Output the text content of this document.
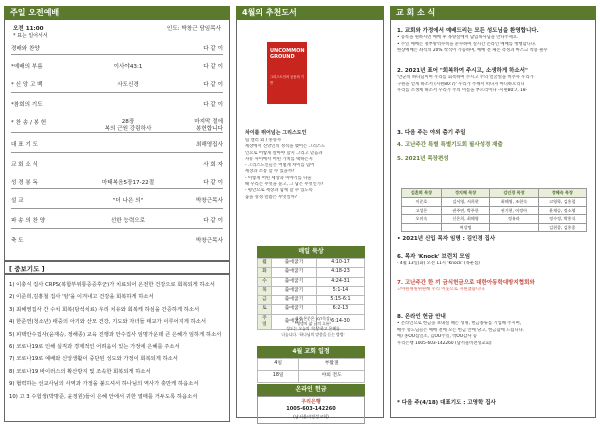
주일 오전예배
오전 11:00	인도: 박창근 담임목사
* 표는 일어서서
경배와 찬양	다 같 이
*예배의 부름	이사야43:1	다 같 이
* 신 앙 고 백	사도신경	다 같 이
*참회의 기도	다 같 이
* 찬 송 / 봉 헌	28장
복의 근원 강림하사
마지막 절에
봉헌합니다
대 표 기 도	최해영집사
교 회 소 식	사 회 자
성 경 봉 독	마태복음5장17-22절	다 같 이
설 교	"더 나은 의"	박창근목사
파 송 의 찬 양	선한 능력으로	다 같 이
축 도	박창근목사
[ 중보기도 ]
1) 이충식 집사 CRPS(복합부위통증증후군)가 치료되어 온전한 건강으로 회복되게 하소서
2) 이준희,김홍철 집사 '암'을 이겨내고 건강을 회복하게 하소서
3) 최해영집사 간 수치 회복(담석치료) 우리 치유와 회복케 하심을 간증하게 하소서
4) 한준연(청소년) 태중의 아기와 산모 건강, 기도와 자녀들 태교가 이루어지게 하소서
5) 피택안수집사(윤재승, 정해종) 교육 진행과 안수집사 임명가운데 큰 은혜가 임하게 하소서
6) 코로나19로 인해 실직과 경제적인 어려움이 있는 가정에 은혜를 주소서
7) 코로나19로 예배와 신앙생활이 중단된 성도와 가정이 회복되게 하소서
8) 코로나19 바이러스의 확산방지 및 조속한 회복되게 하소서
9) 협력하는 선교사님의 사역과 가정을 붙드셔서 하나님의 역사가 충만케 하옵소서
10) 고 3 수험생(박명준, 윤정원)들이 은혜 안에서 귀한 열매를 거두도록 하옵소서
4월의 추천도서
UNCOMMON GROUND
그리스도인의 공동의 기반
차이를 뛰어넘는 그리스도인
팀 켈러 외 / 홍성사
세상에서 신앙인의 정직을 맺어는 그리스도
인으로 어떻게 살아야 할지 그리고 믿음과
자유 사이에서 어떤 가치를 택하는지
- 그리스도인들은 어떻게 차이를 넘어
세상과 소통 할 수 있을까?
- 이렇게 어떤 세상과 이야기를 나눌
때 우리는 무엇을 묻고, 그 답은 무엇인가?
- 평안으로 세상과 함께 할 수 있도록
돕을 성경 말씀은 무엇일까?
매일 묵상
월	출애굽기	4:10-17
화	출애굽기	4:18-23
수	출애굽기	4:24-31
목	출애굽기	5:1-14
금	출애굽기	5:15-6:1
토	출애굽기	6:2-13
주일	출애굽기	6:14-30
성경 본문은 (QT묵상)
"생명의 삶 글의 흐름"
성도는 오늘의 '묵상'하고 은혜를
나눔니다. '하나님의 말씀을 듣는 방법'
4월 교회 일정
4일	부활절
18일	야외 전도
온라인 헌금
우리은행
1005-603-142260
(남서울비전성교회)
교 회 소 식
1. 교회와 가정에서 예배드리는 모든 성도님을 환영합니다.
• 등록을 원하시면 예배 후 목양실에서 담임목사님을 만나주세요.
• 주일 예배는 정부방역수칙을 준수하여 실시간 온라인 예배를 병행합니다.
현장예배는 좌석의 20% 착석이 가능하며, 예배 전 체온 측정과 마스크 착용 필수
2. 2021년 표어 "회복하여 주시고, 소생하게 하소서"
'만군의 하나님이여 우리를 회복하여 주시고 주의 얼굴빛을 비추사 우리가
구원을 얻게 하소서 (시편80:7)' 우리가 주께서 떠나지 아니하오리니
우리를 소생케 하소서 우리가 주의 이름을 부르리이다 -시편80:7, 18-
3. 다음 주는 야외 츰기 주일
4. 고난주간 특별 특별기도회 필사성경 재출
5. 2021년 목장편성
• 2021년 신입 목자 임명 : 김인경 집사
6. 목자 'Knock' 브런치 모임
- 4월 13일(화) 오전 11시 'Knock' (목운점)
7. 고난주간 한 끼 금식헌금으로 대한아동학대방지협회와
고아원위원위원해 우리 이웃으로 지원했습니다.
8. 온라인 헌금 안내
• 온라인으로 헌금을 보내실 때는 성명, 헌금종류를 기입해 주시며,
매주 성도님들은 예배 전에 모든 헌금 안에 당고, 헌금함에 드립니다.
예) 홍OO십일조, 김OO주일, 박OO감사 등
우리은행 1005-603-142260 (남서울비전성교회)
* 다음 주(4/18) 대표기도 : 고영학 집사
김혼희 목장	정지혜 목장	김인경 목장	정혜숙 목장
이준호	김서영, 서희현	최해영, 조현숙	고영학, 김홍철
고성은	권주연, 박주한	권기현, 어정아	윤재승, 정소영
오미숙	신은희, 최해영	정유라	정수정, 박홍식
	여상명		김현종, 김홍종
